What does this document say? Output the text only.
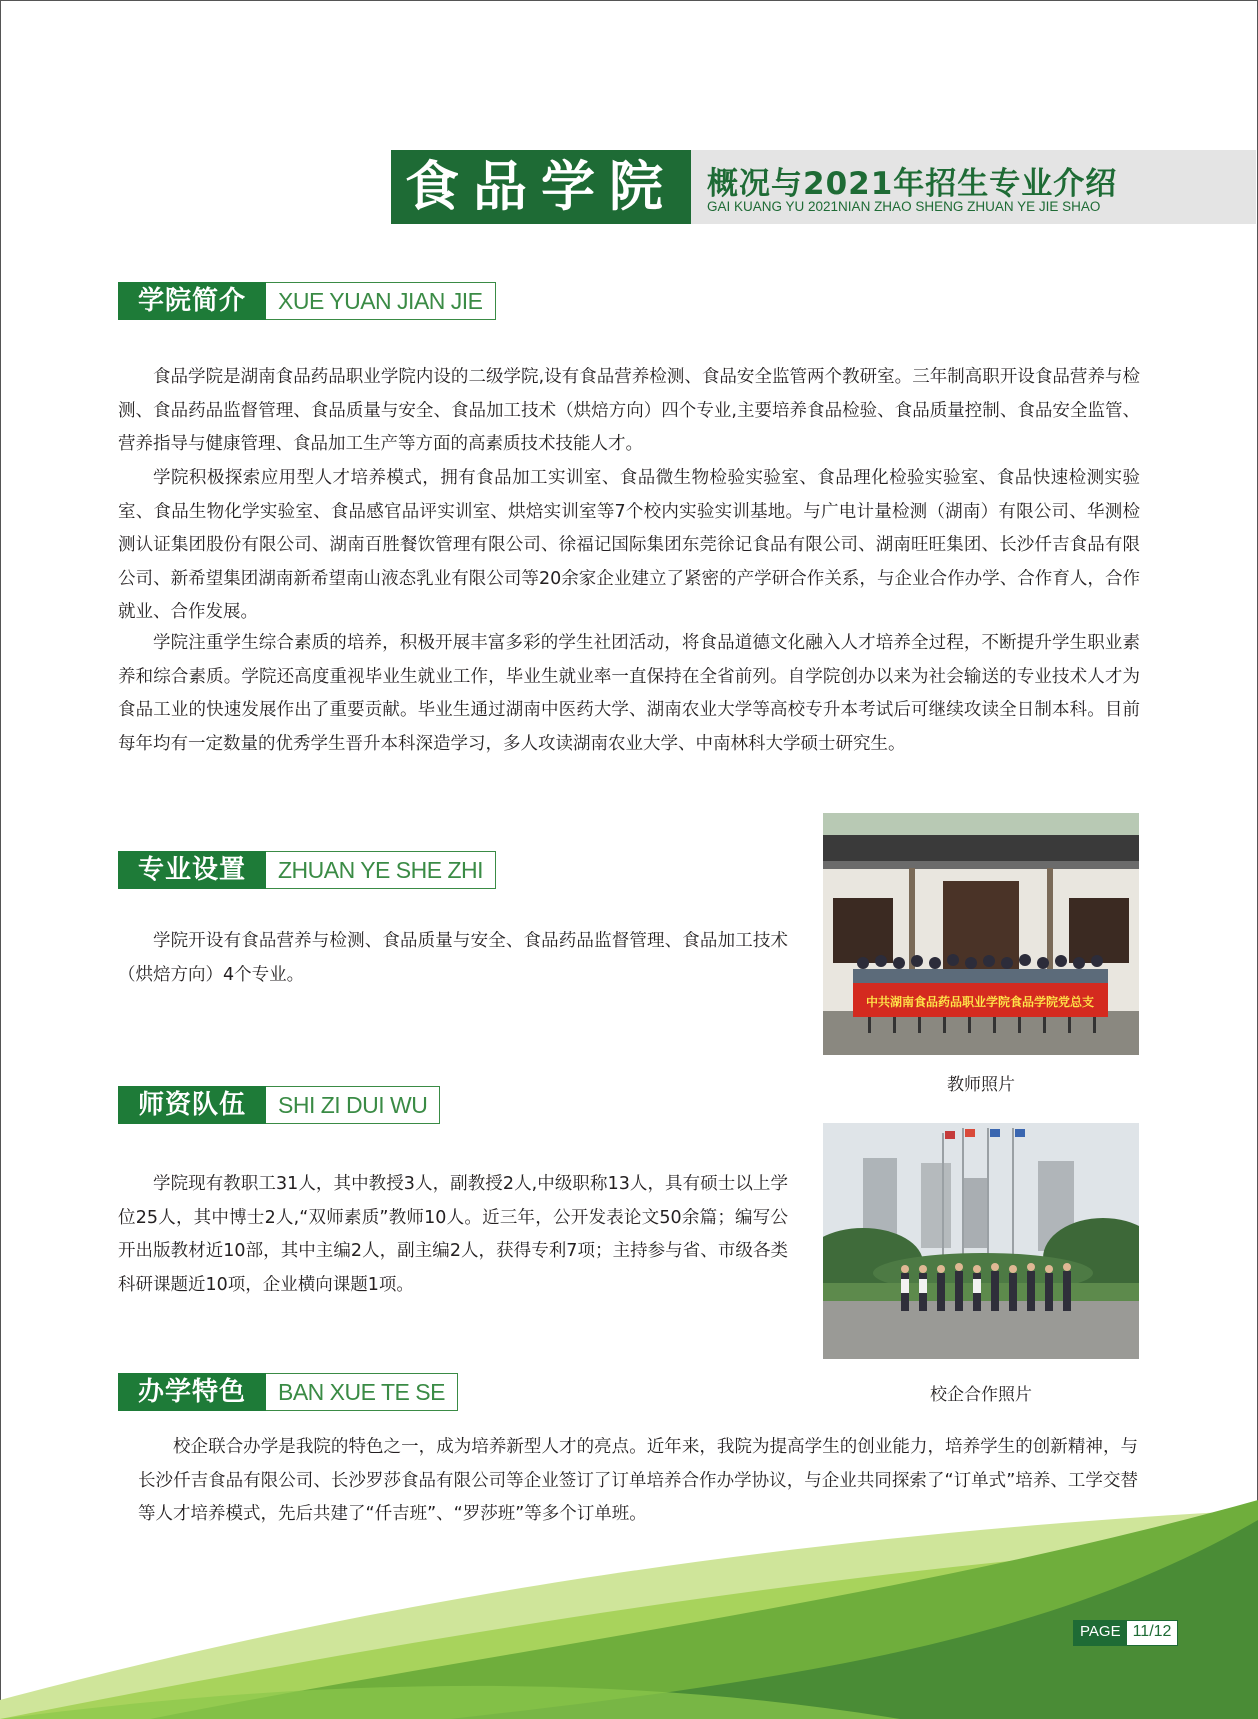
食品学院 概况与2021年招生专业介绍
GAI KUANG YU 2021NIAN ZHAO SHENG ZHUAN YE JIE SHAO
学院简介	XUE YUAN JIAN JIE

食品学院是湖南食品药品职业学院内设的二级学院,设有食品营养检测、食品安全监管两个教研室。三年制高职开设食品营养与检测、食品药品监督管理、食品质量与安全、食品加工技术（烘焙方向）四个专业,主要培养食品检验、食品质量控制、食品安全监管、营养指导与健康管理、食品加工生产等方面的高素质技术技能人才。

学院积极探索应用型人才培养模式，拥有食品加工实训室、食品微生物检验实验室、食品理化检验实验室、食品快速检测实验室、食品生物化学实验室、食品感官品评实训室、烘焙实训室等7个校内实验实训基地。与广电计量检测（湖南）有限公司、华测检测认证集团股份有限公司、湖南百胜餐饮管理有限公司、徐福记国际集团东莞徐记食品有限公司、湖南旺旺集团、长沙仟吉食品有限公司、新希望集团湖南新希望南山液态乳业有限公司等20余家企业建立了紧密的产学研合作关系，与企业合作办学、合作育人，合作就业、合作发展。

学院注重学生综合素质的培养，积极开展丰富多彩的学生社团活动，将食品道德文化融入人才培养全过程，不断提升学生职业素养和综合素质。学院还高度重视毕业生就业工作，毕业生就业率一直保持在全省前列。自学院创办以来为社会输送的专业技术人才为食品工业的快速发展作出了重要贡献。毕业生通过湖南中医药大学、湖南农业大学等高校专升本考试后可继续攻读全日制本科。目前每年均有一定数量的优秀学生晋升本科深造学习，多人攻读湖南农业大学、中南林科大学硕士研究生。

专业设置	ZHUAN YE SHE ZHI

学院开设有食品营养与检测、食品质量与安全、食品药品监督管理、食品加工技术（烘焙方向）4个专业。

师资队伍	SHI ZI DUI WU

学院现有教职工31人，其中教授3人，副教授2人,中级职称13人，具有硕士以上学位25人，其中博士2人,“双师素质”教师10人。近三年，公开发表论文50余篇；编写公开出版教材近10部，其中主编2人，副主编2人，获得专利7项；主持参与省、市级各类科研课题近10项，企业横向课题1项。

办学特色	BAN XUE TE SE

校企联合办学是我院的特色之一，成为培养新型人才的亮点。近年来，我院为提高学生的创业能力，培养学生的创新精神，与长沙仟吉食品有限公司、长沙罗莎食品有限公司等企业签订了订单培养合作办学协议，与企业共同探索了“订单式”培养、工学交替等人才培养模式，先后共建了“仟吉班”、“罗莎班”等多个订单班。

中共湖南食品药品职业学院食品学院党总支
教师照片
校企合作照片
PAGE 11/12
